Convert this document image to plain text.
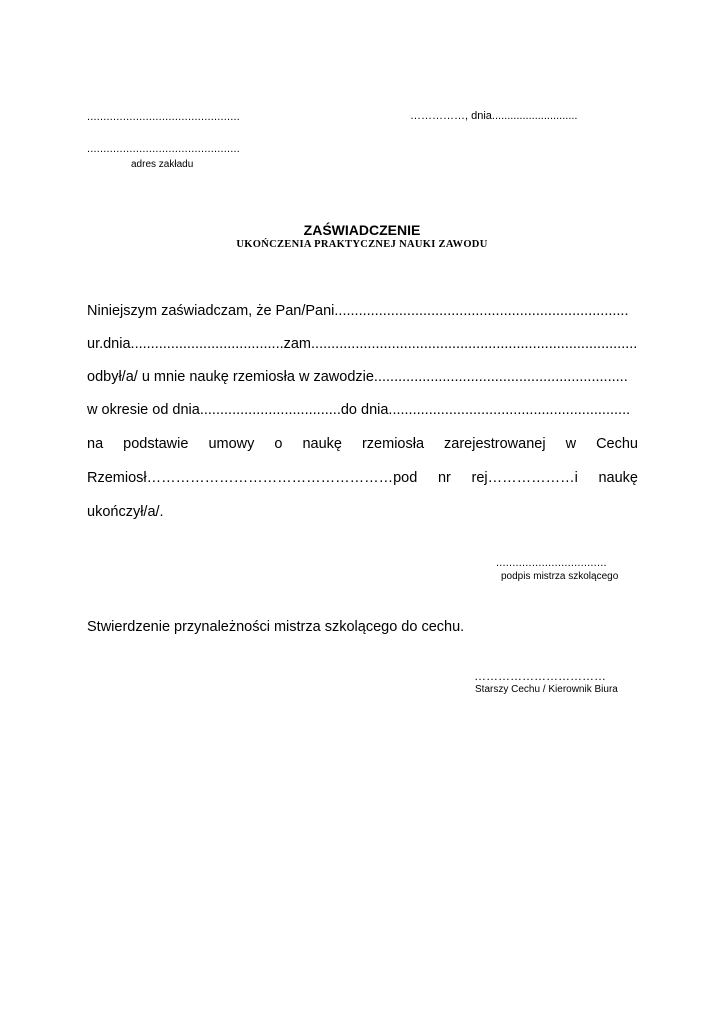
...............................................	……………, dnia............................
...............................................
adres zakładu
ZAŚWIADCZENIE
UKOŃCZENIA PRAKTYCZNEJ NAUKI ZAWODU
Niniejszym zaświadczam, że Pan/Pani.........................................................................
ur.dnia......................................zam.................................................................................
odbył/a/ u mnie naukę rzemiosła w zawodzie...............................................................
w okresie od dnia...................................do dnia............................................................
na podstawie umowy o naukę rzemiosła zarejestrowanej w Cechu
Rzemiosł……………………………………………pod nr rej………………i naukę
ukończył/a/.
..................................
podpis mistrza szkolącego
Stwierdzenie przynależności mistrza szkolącego do cechu.
……………………………
Starszy Cechu / Kierownik Biura
